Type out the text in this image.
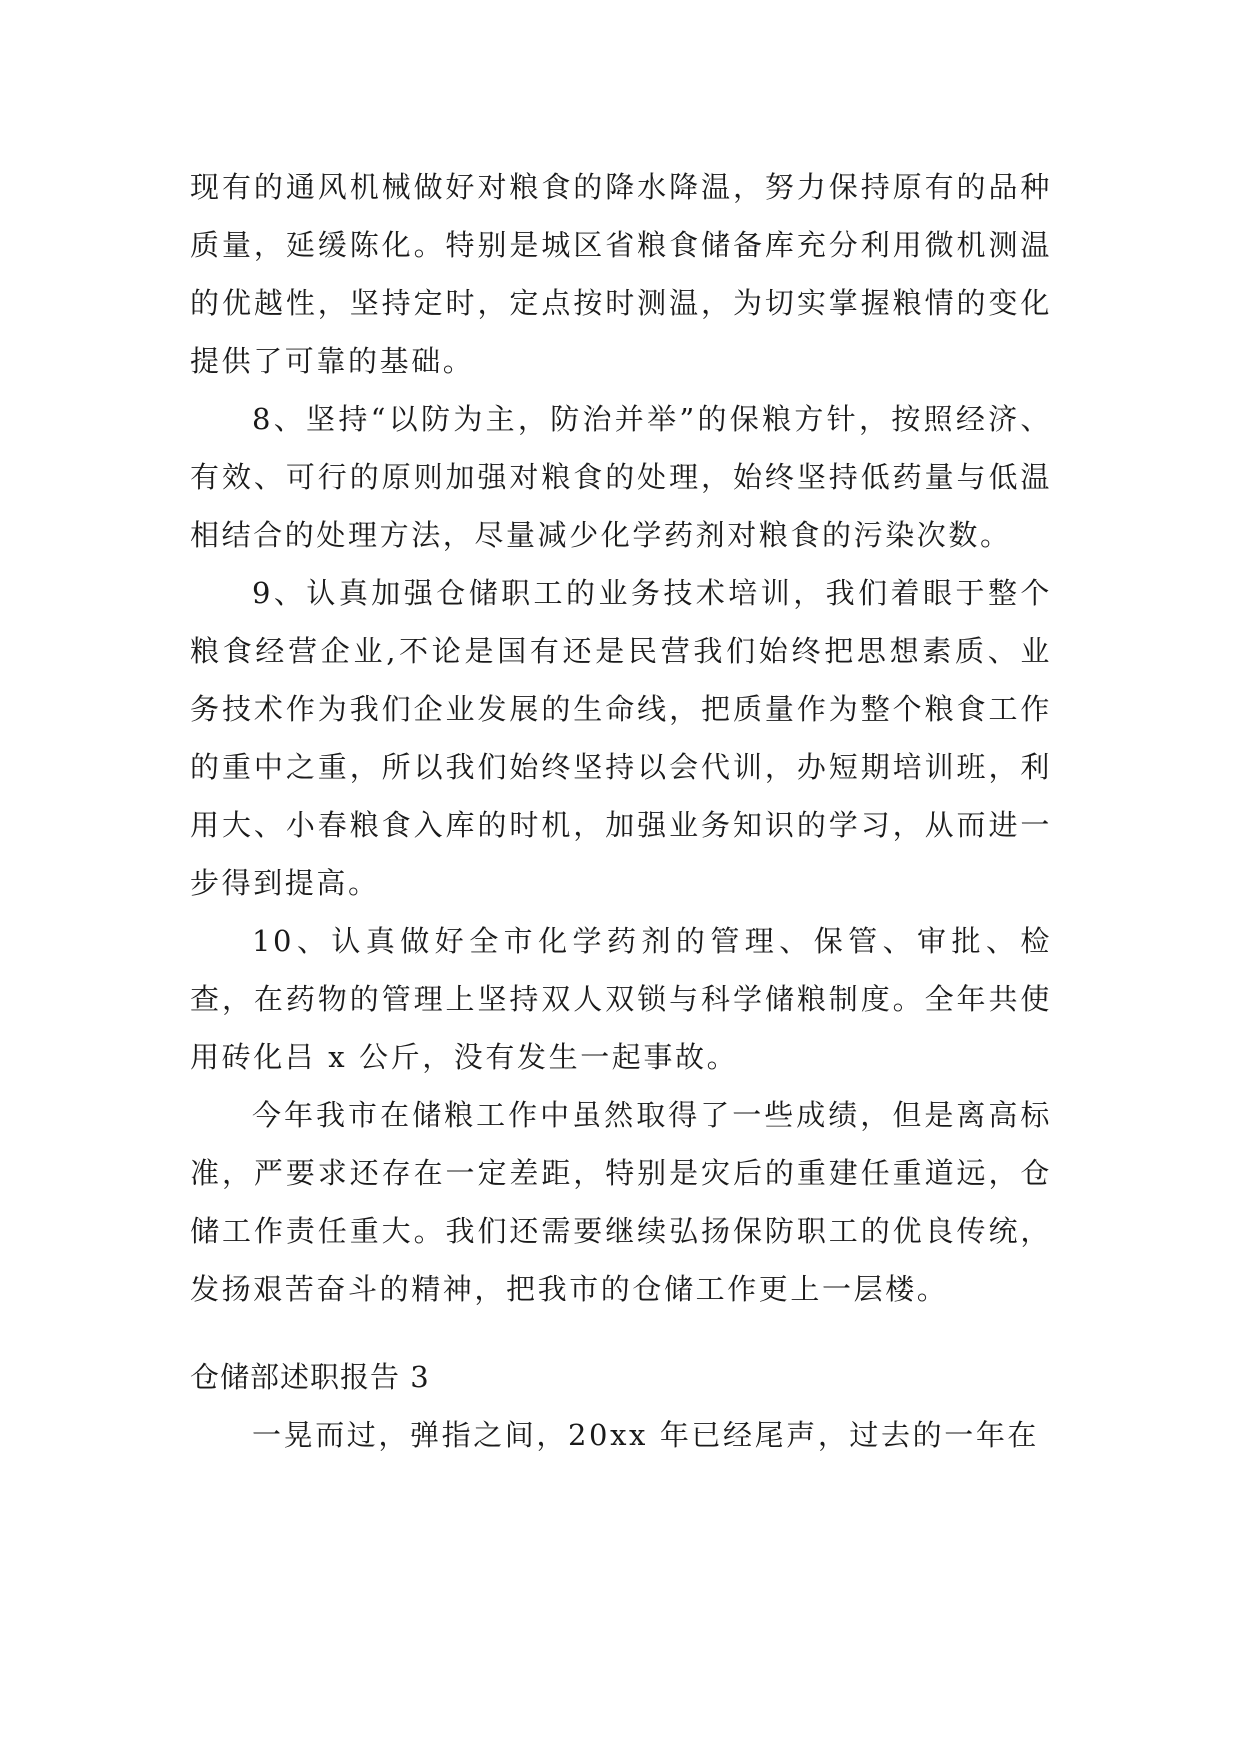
现有的通风机械做好对粮食的降水降温，努力保持原有的品种质量，延缓陈化。特别是城区省粮食储备库充分利用微机测温的优越性，坚持定时，定点按时测温，为切实掌握粮情的变化提供了可靠的基础。

8、坚持“以防为主，防治并举”的保粮方针，按照经济、有效、可行的原则加强对粮食的处理，始终坚持低药量与低温相结合的处理方法，尽量减少化学药剂对粮食的污染次数。

9、认真加强仓储职工的业务技术培训，我们着眼于整个粮食经营企业,不论是国有还是民营我们始终把思想素质、业务技术作为我们企业发展的生命线，把质量作为整个粮食工作的重中之重，所以我们始终坚持以会代训，办短期培训班，利用大、小春粮食入库的时机，加强业务知识的学习，从而进一步得到提高。

10、认真做好全市化学药剂的管理、保管、审批、检查，在药物的管理上坚持双人双锁与科学储粮制度。全年共使用砖化吕 x 公斤，没有发生一起事故。

今年我市在储粮工作中虽然取得了一些成绩，但是离高标准，严要求还存在一定差距，特别是灾后的重建任重道远，仓储工作责任重大。我们还需要继续弘扬保防职工的优良传统，发扬艰苦奋斗的精神，把我市的仓储工作更上一层楼。

仓储部述职报告 3

一晃而过，弹指之间，20xx 年已经尾声，过去的一年在
